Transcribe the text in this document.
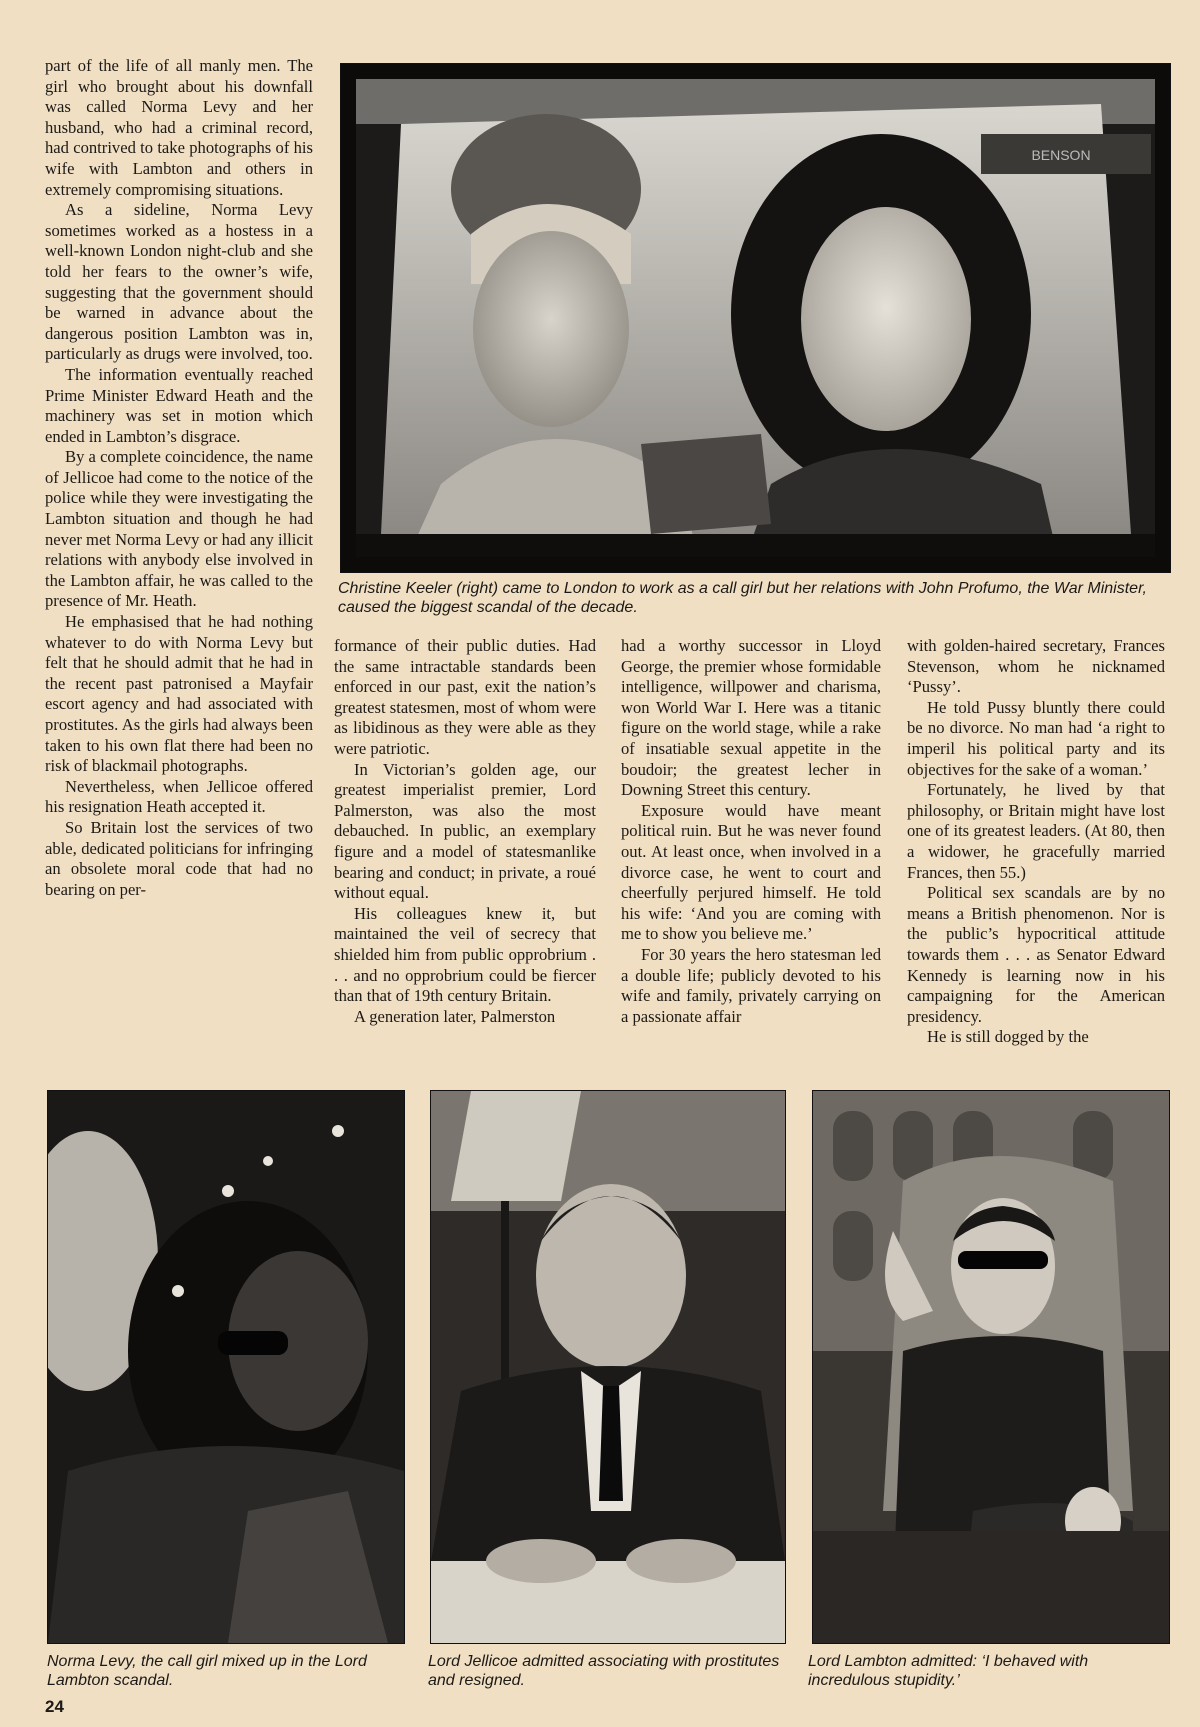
part of the life of all manly men. The girl who brought about his downfall was called Norma Levy and her husband, who had a criminal record, had contrived to take photographs of his wife with Lambton and others in extremely compromising situations.

As a sideline, Norma Levy sometimes worked as a hostess in a well-known London night-club and she told her fears to the owner’s wife, suggesting that the government should be warned in advance about the dangerous position Lambton was in, particularly as drugs were involved, too.

The information eventually reached Prime Minister Edward Heath and the machinery was set in motion which ended in Lambton’s disgrace.

By a complete coincidence, the name of Jellicoe had come to the notice of the police while they were investigating the Lambton situation and though he had never met Norma Levy or had any illicit relations with anybody else involved in the Lambton affair, he was called to the presence of Mr. Heath.

He emphasised that he had nothing whatever to do with Norma Levy but felt that he should admit that he had in the recent past patronised a Mayfair escort agency and had associated with prostitutes. As the girls had always been taken to his own flat there had been no risk of blackmail photographs.

Nevertheless, when Jellicoe offered his resignation Heath accepted it.

So Britain lost the services of two able, dedicated politicians for infringing an obsolete moral code that had no bearing on per-

BENSON
Christine Keeler (right) came to London to work as a call girl but her relations with John Profumo, the War Minister, caused the biggest scandal of the decade.

formance of their public duties. Had the same intractable standards been enforced in our past, exit the nation’s greatest statesmen, most of whom were as libidinous as they were able as they were patriotic.

In Victorian’s golden age, our greatest imperialist premier, Lord Palmerston, was also the most debauched. In public, an exemplary figure and a model of statesmanlike bearing and conduct; in private, a roué without equal.

His colleagues knew it, but maintained the veil of secrecy that shielded him from public opprobrium . . . and no opprobrium could be fiercer than that of 19th century Britain.

A generation later, Palmerston

had a worthy successor in Lloyd George, the premier whose formidable intelligence, willpower and charisma, won World War I. Here was a titanic figure on the world stage, while a rake of insatiable sexual appetite in the boudoir; the greatest lecher in Downing Street this century.

Exposure would have meant political ruin. But he was never found out. At least once, when involved in a divorce case, he went to court and cheerfully perjured himself. He told his wife: ‘And you are coming with me to show you believe me.’

For 30 years the hero statesman led a double life; publicly devoted to his wife and family, privately carrying on a passionate affair

with golden-haired secretary, Frances Stevenson, whom he nicknamed ‘Pussy’.

He told Pussy bluntly there could be no divorce. No man had ‘a right to imperil his political party and its objectives for the sake of a woman.’

Fortunately, he lived by that philosophy, or Britain might have lost one of its greatest leaders. (At 80, then a widower, he gracefully married Frances, then 55.)

Political sex scandals are by no means a British phenomenon. Nor is the public’s hypocritical attitude towards them . . . as Senator Edward Kennedy is learning now in his campaigning for the American presidency.

He is still dogged by the

Norma Levy, the call girl mixed up in the Lord Lambton scandal.
Lord Jellicoe admitted associating with prostitutes and resigned.
Lord Lambton admitted: ‘I behaved with incredulous stupidity.’
24
